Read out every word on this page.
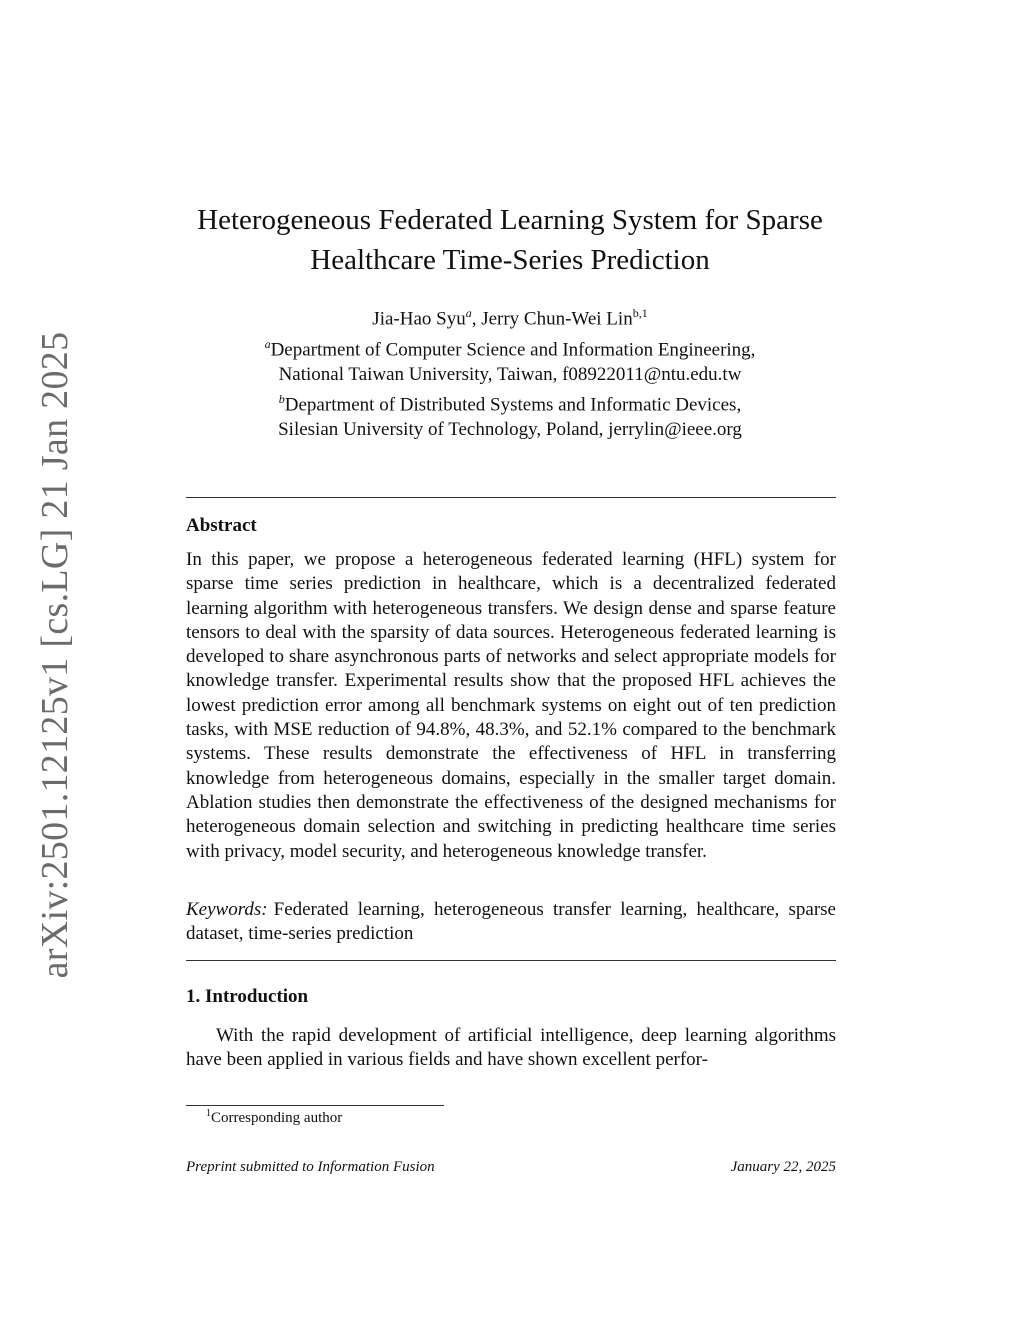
arXiv:2501.12125v1 [cs.LG] 21 Jan 2025
Heterogeneous Federated Learning System for Sparse
Healthcare Time-Series Prediction
Jia-Hao Syu$^a$, Jerry Chun-Wei Lin$^{b,1}$
$^a$Department of Computer Science and Information Engineering,
National Taiwan University, Taiwan, f08922011@ntu.edu.tw
$^b$Department of Distributed Systems and Informatic Devices,
Silesian University of Technology, Poland, jerrylin@ieee.org
Abstract
In this paper, we propose a heterogeneous federated learning (HFL) system for sparse time series prediction in healthcare, which is a decentralized federated learning algorithm with heterogeneous transfers. We design dense and sparse feature tensors to deal with the sparsity of data sources. Heterogeneous federated learning is developed to share asynchronous parts of networks and select appropriate models for knowledge transfer. Experimental results show that the proposed HFL achieves the lowest prediction error among all benchmark systems on eight out of ten prediction tasks, with MSE reduction of 94.8%, 48.3%, and 52.1% compared to the benchmark systems. These results demonstrate the effectiveness of HFL in transferring knowledge from heterogeneous domains, especially in the smaller target domain. Ablation studies then demonstrate the effectiveness of the designed mechanisms for heterogeneous domain selection and switching in predicting healthcare time series with privacy, model security, and heterogeneous knowledge transfer.
Keywords: Federated learning, heterogeneous transfer learning, healthcare, sparse dataset, time-series prediction
1. Introduction
With the rapid development of artificial intelligence, deep learning algorithms have been applied in various fields and have shown excellent perfor-
$^1$Corresponding author
Preprint submitted to Information Fusion	January 22, 2025
